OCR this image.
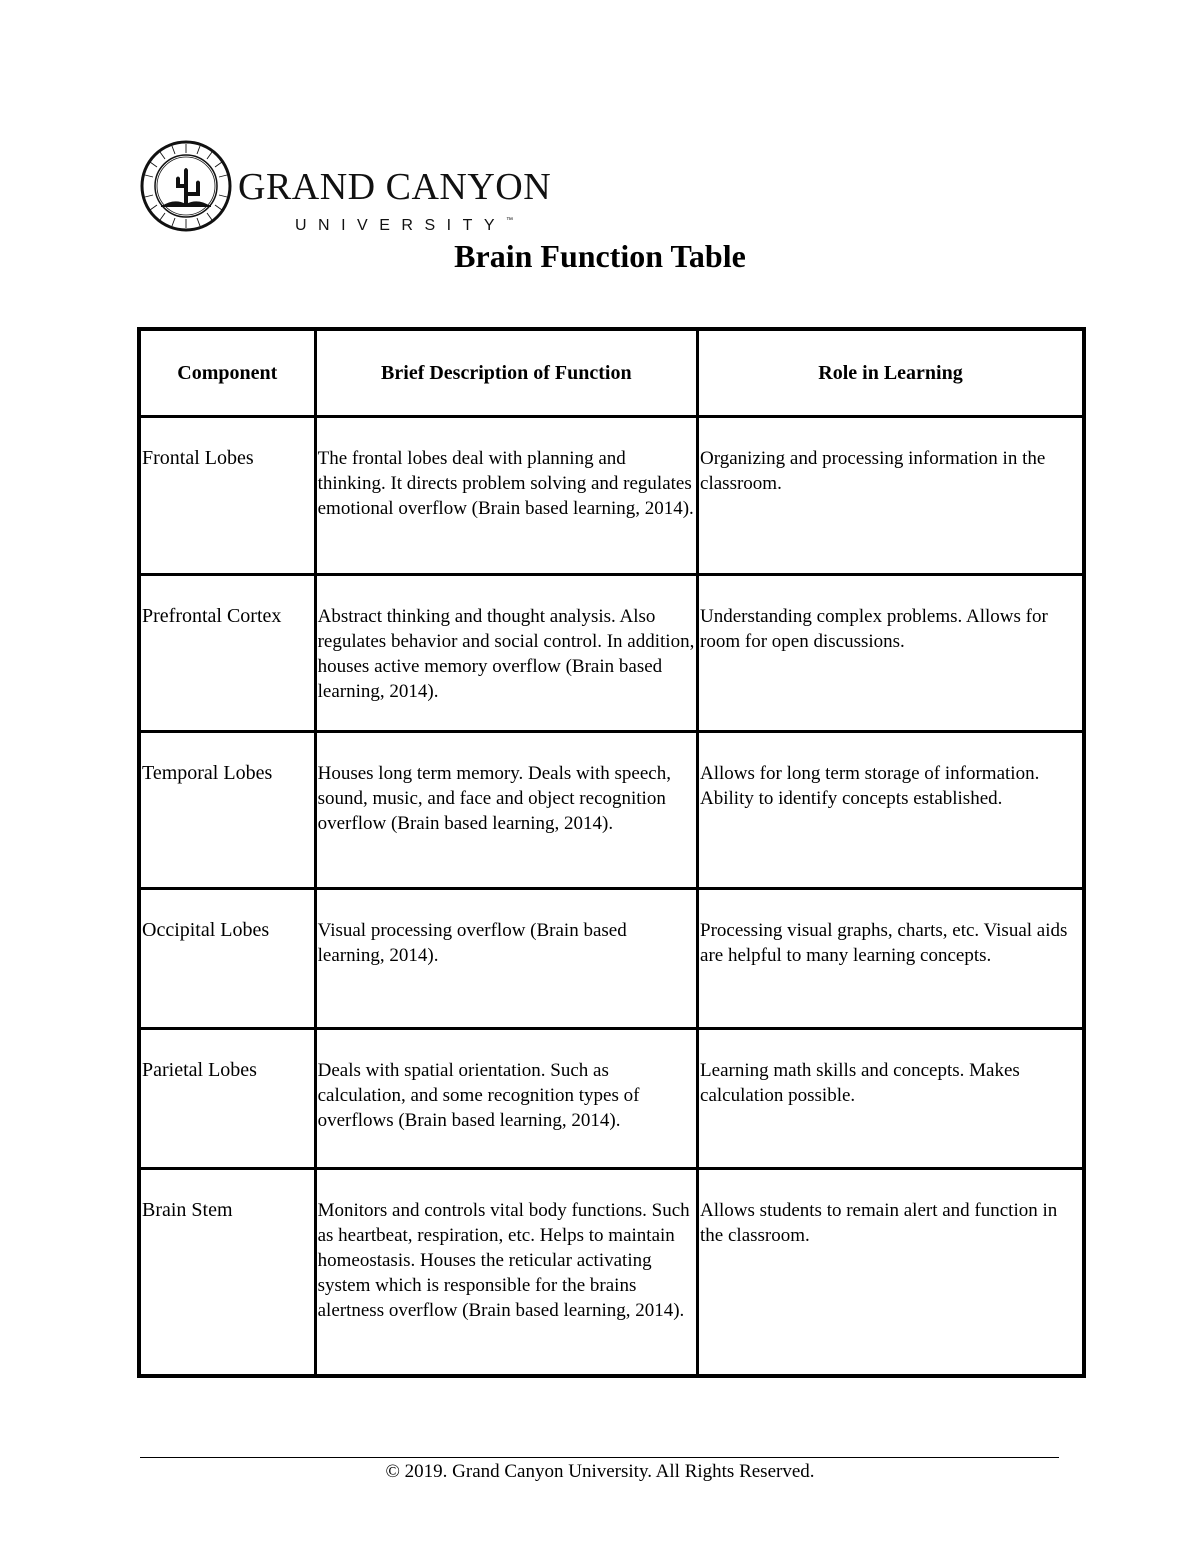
GRAND CANYON
UNIVERSITY™
Brain Function Table
Component	Brief Description of Function	Role in Learning

Frontal Lobes	The frontal lobes deal with planning and thinking. It directs problem solving and regulates emotional overflow (Brain based learning, 2014).	Organizing and processing information in the classroom.

Prefrontal Cortex	Abstract thinking and thought analysis. Also regulates behavior and social control. In addition, houses active memory overflow (Brain based learning, 2014).	Understanding complex problems. Allows for room for open discussions.

Temporal Lobes	Houses long term memory. Deals with speech, sound, music, and face and object recognition overflow (Brain based learning, 2014).	Allows for long term storage of information. Ability to identify concepts established.

Occipital Lobes	Visual processing overflow (Brain based learning, 2014).	Processing visual graphs, charts, etc. Visual aids are helpful to many learning concepts.

Parietal Lobes	Deals with spatial orientation. Such as calculation, and some recognition types of overflows (Brain based learning, 2014).	Learning math skills and concepts. Makes calculation possible.

Brain Stem	Monitors and controls vital body functions. Such as heartbeat, respiration, etc. Helps to maintain homeostasis. Houses the reticular activating system which is responsible for the brains alertness overflow (Brain based learning, 2014).	Allows students to remain alert and function in the classroom.
© 2019. Grand Canyon University. All Rights Reserved.
